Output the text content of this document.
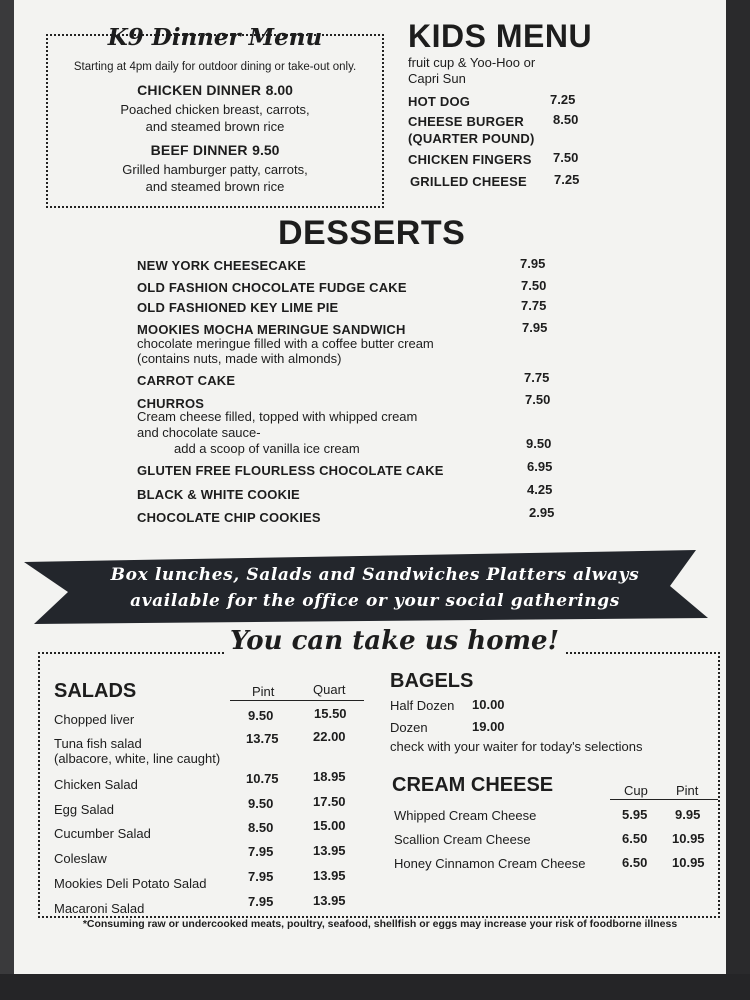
K9 Dinner Menu
Starting at 4pm daily for outdoor dining or take-out only.
CHICKEN DINNER 8.00
Poached chicken breast, carrots,
and steamed brown rice
BEEF DINNER 9.50
Grilled hamburger patty, carrots,
and steamed brown rice
KIDS MENU
fruit cup & Yoo-Hoo or
Capri Sun
HOT DOG	7.25
CHEESE BURGER
(QUARTER POUND)
8.50
CHICKEN FINGERS 7.50
GRILLED CHEESE 7.25
DESSERTS
NEW YORK CHEESECAKE	7.95
OLD FASHION CHOCOLATE FUDGE CAKE	7.50
OLD FASHIONED KEY LIME PIE	7.75
MOOKIES MOCHA MERINGUE SANDWICH	7.95
chocolate meringue filled with a coffee butter cream
(contains nuts, made with almonds)
CARROT CAKE	7.75
CHURROS	7.50
Cream cheese filled, topped with whipped cream
and chocolate sauce-
add a scoop of vanilla ice cream	9.50
GLUTEN FREE FLOURLESS CHOCOLATE CAKE	6.95
BLACK & WHITE COOKIE	4.25
CHOCOLATE CHIP COOKIES	2.95
Box lunches, Salads and Sandwiches Platters always
available for the office or your social gatherings
You can take us home!
SALADS	Pint	Quart
Chopped liver	9.50	15.50
Tuna fish salad
(albacore, white, line caught)
13.75	22.00
Chicken Salad	10.75	18.95
Egg Salad	9.50	17.50
Cucumber Salad	8.50	15.00
Coleslaw	7.95	13.95
Mookies Deli Potato Salad	7.95	13.95
Macaroni Salad	7.95	13.95
BAGELS
Half Dozen 10.00
Dozen	19.00
check with your waiter for today's selections
CREAM CHEESE	Cup Pint
Whipped Cream Cheese	5.95 9.95
Scallion Cream Cheese	6.50 10.95
Honey Cinnamon Cream Cheese	6.50 10.95
*Consuming raw or undercooked meats, poultry, seafood, shellfish or eggs may increase your risk of foodborne illness
